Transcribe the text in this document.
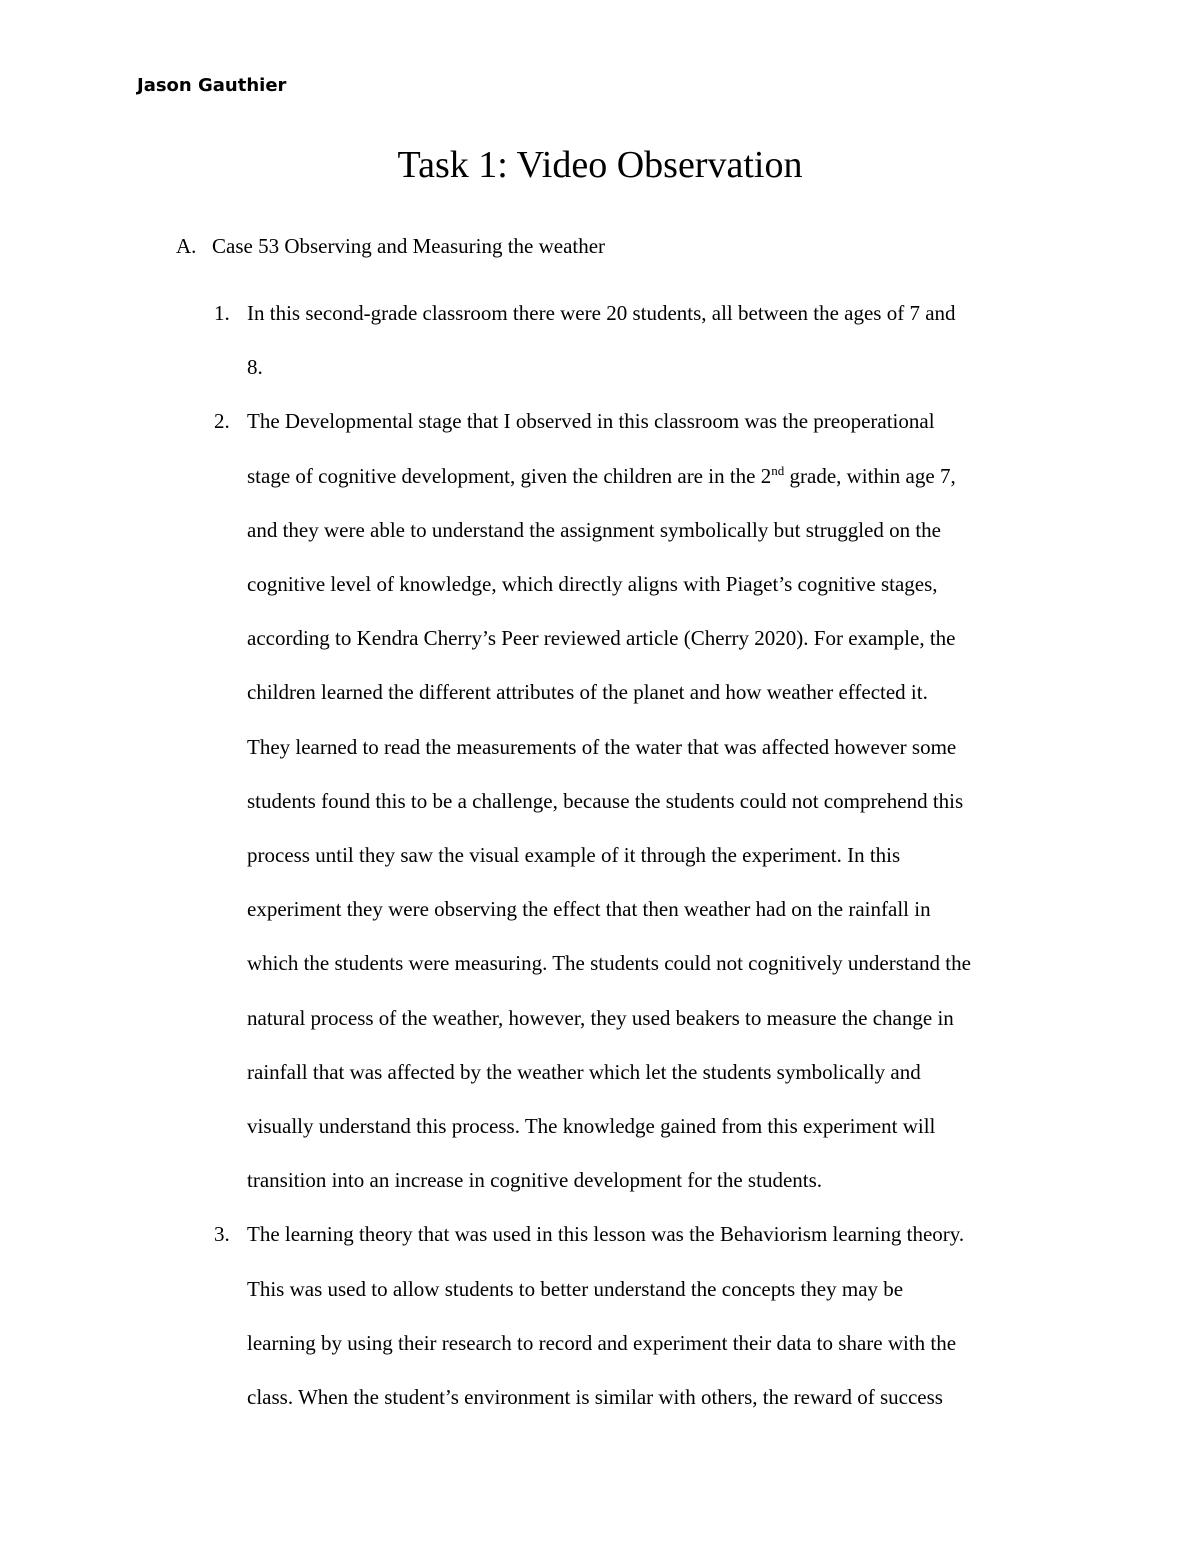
Jason Gauthier

Task 1: Video Observation

A. Case 53 Observing and Measuring the weather

1. In this second-grade classroom there were 20 students, all between the ages of 7 and
8.
2. The Developmental stage that I observed in this classroom was the preoperational
stage of cognitive development, given the children are in the 2nd grade, within age 7,
and they were able to understand the assignment symbolically but struggled on the
cognitive level of knowledge, which directly aligns with Piaget’s cognitive stages,
according to Kendra Cherry’s Peer reviewed article (Cherry 2020). For example, the
children learned the different attributes of the planet and how weather effected it.
They learned to read the measurements of the water that was affected however some
students found this to be a challenge, because the students could not comprehend this
process until they saw the visual example of it through the experiment. In this
experiment they were observing the effect that then weather had on the rainfall in
which the students were measuring. The students could not cognitively understand the
natural process of the weather, however, they used beakers to measure the change in
rainfall that was affected by the weather which let the students symbolically and
visually understand this process. The knowledge gained from this experiment will
transition into an increase in cognitive development for the students.
3. The learning theory that was used in this lesson was the Behaviorism learning theory.
This was used to allow students to better understand the concepts they may be
learning by using their research to record and experiment their data to share with the
class. When the student’s environment is similar with others, the reward of success
